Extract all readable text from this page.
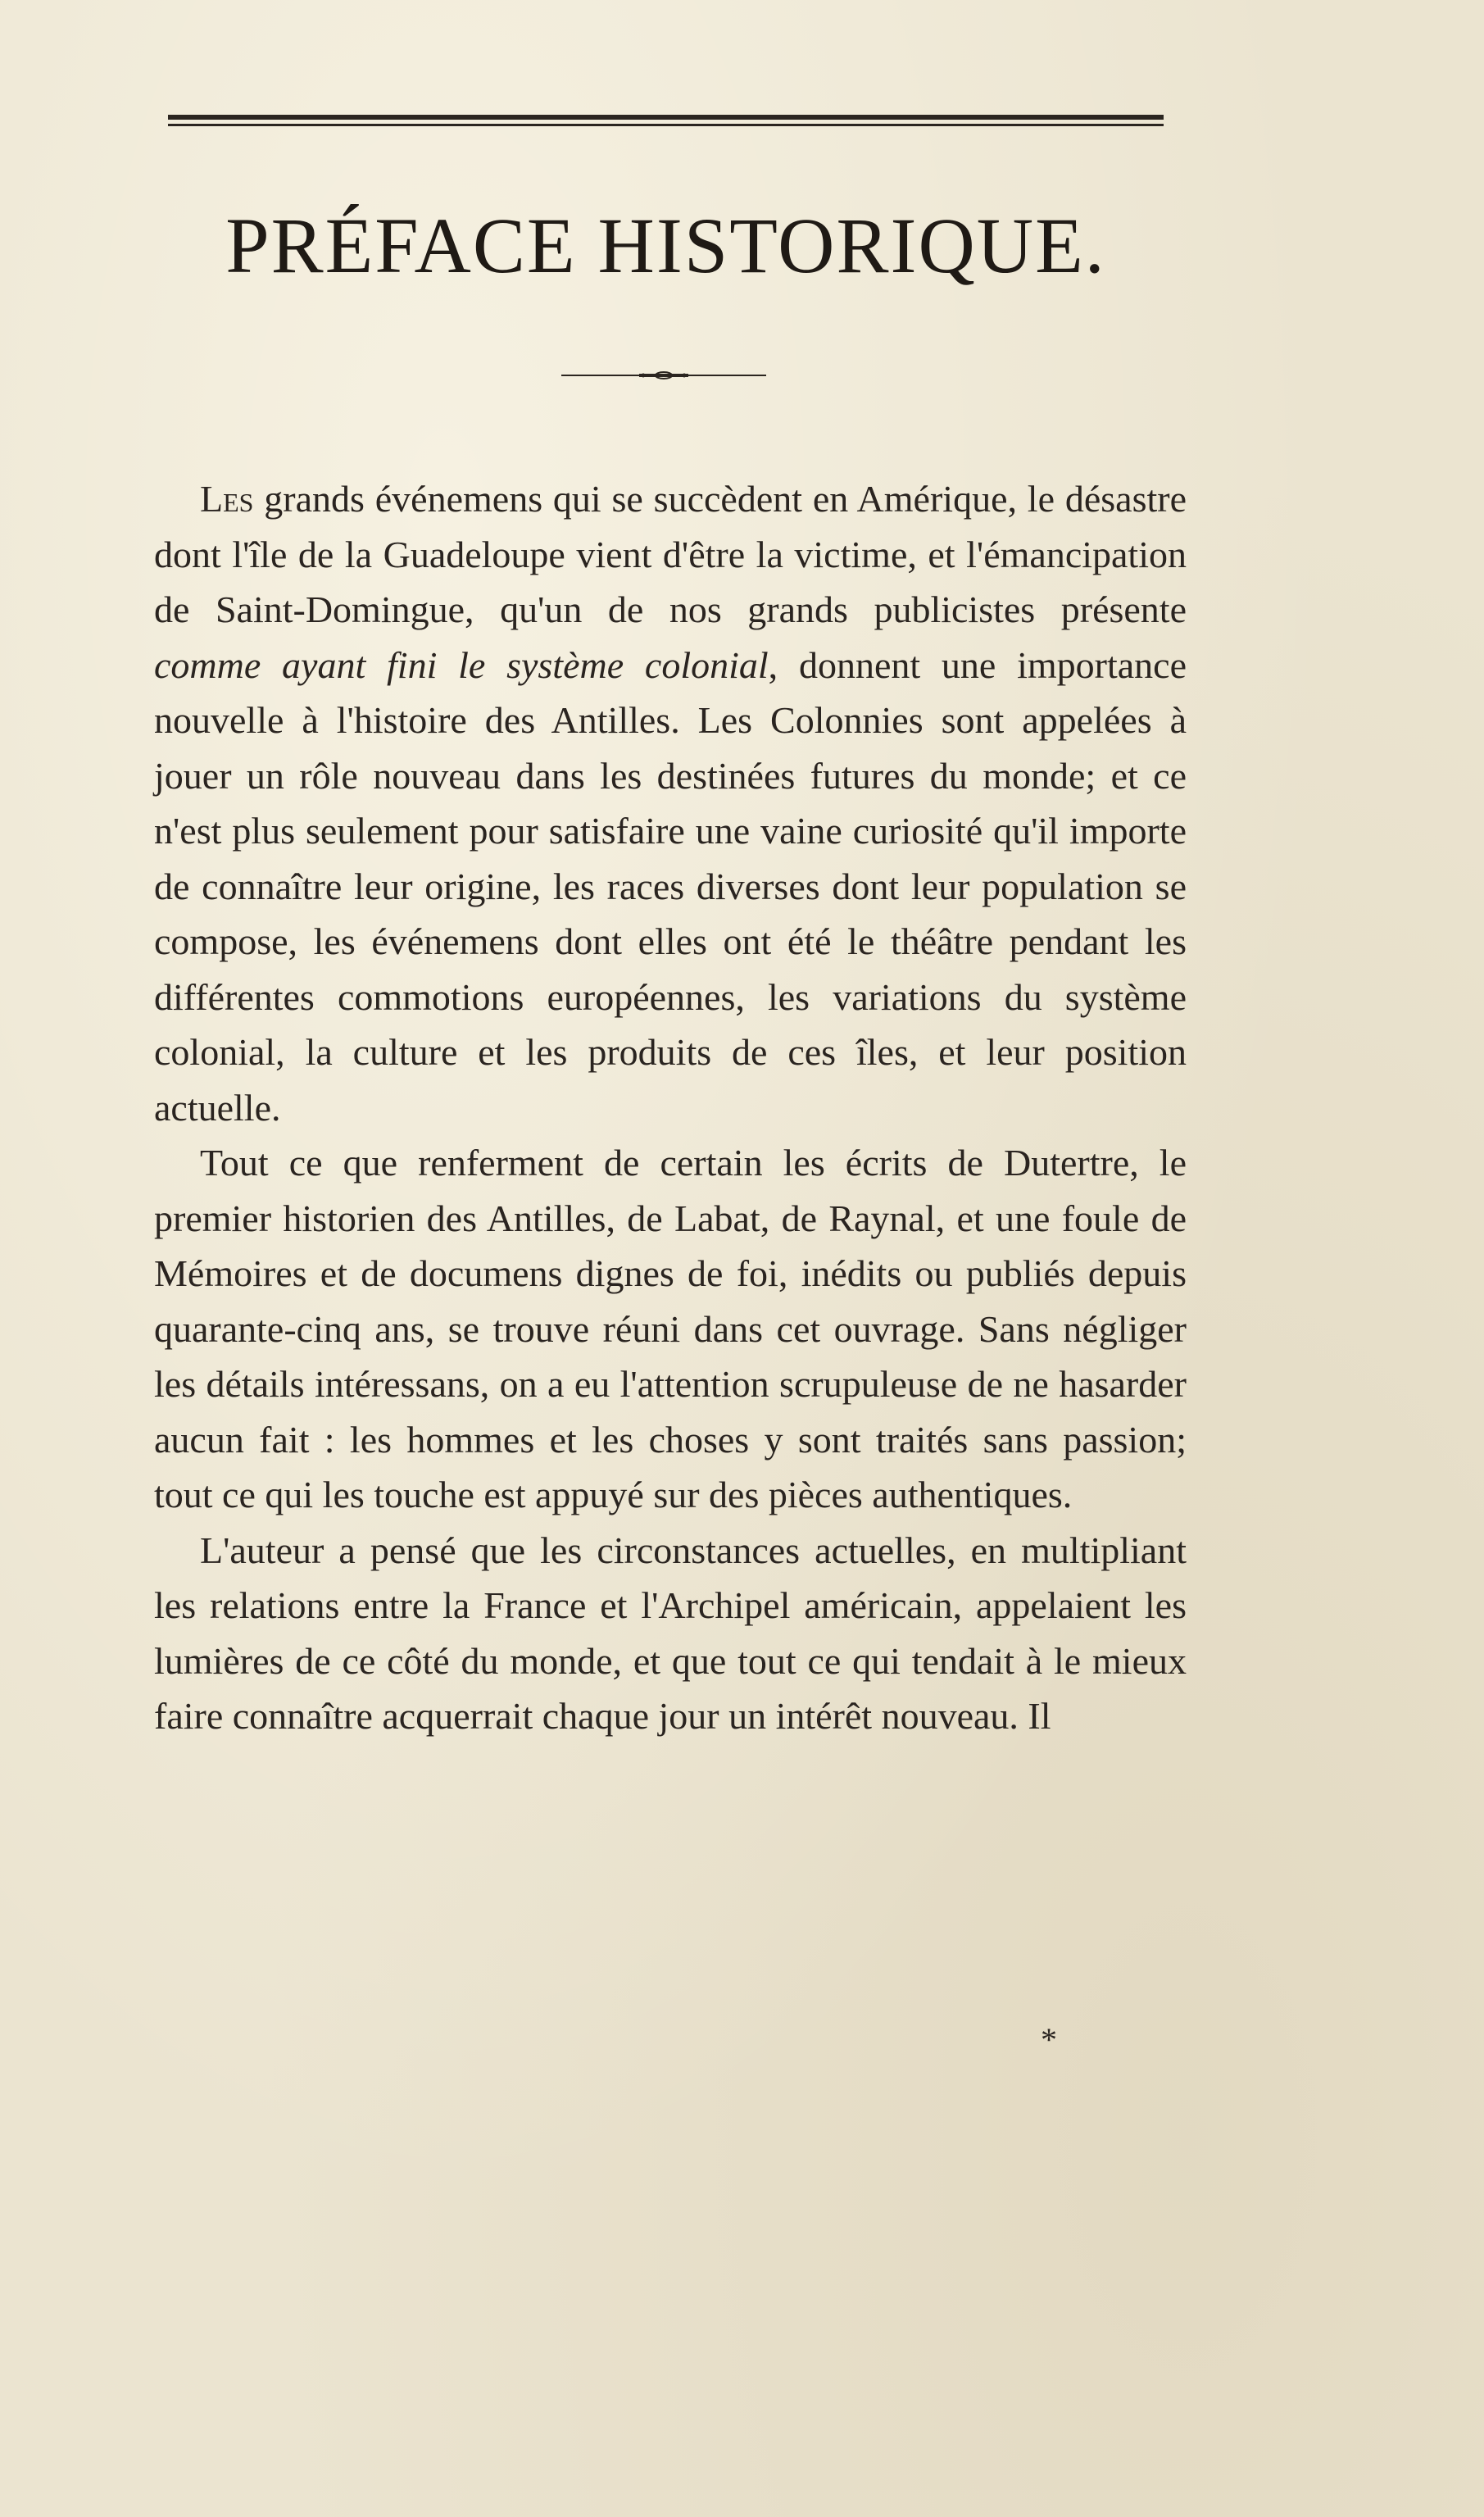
PRÉFACE HISTORIQUE.

Les grands événemens qui se succèdent en Amérique, le désastre dont l'île de la Guadeloupe vient d'être la victime, et l'émancipation de Saint-Domingue, qu'un de nos grands publicistes présente comme ayant fini le système colonial, donnent une importance nouvelle à l'histoire des Antilles. Les Colonnies sont appelées à jouer un rôle nouveau dans les destinées futures du monde; et ce n'est plus seulement pour satisfaire une vaine curiosité qu'il importe de connaître leur origine, les races diverses dont leur population se compose, les événemens dont elles ont été le théâtre pendant les différentes commotions européennes, les variations du système colonial, la culture et les produits de ces îles, et leur position actuelle.

Tout ce que renferment de certain les écrits de Dutertre, le premier historien des Antilles, de Labat, de Raynal, et une foule de Mémoires et de documens dignes de foi, inédits ou publiés depuis quarante-cinq ans, se trouve réuni dans cet ouvrage. Sans négliger les détails intéressans, on a eu l'attention scrupuleuse de ne hasarder aucun fait : les hommes et les choses y sont traités sans passion; tout ce qui les touche est appuyé sur des pièces authentiques.

L'auteur a pensé que les circonstances actuelles, en multipliant les relations entre la France et l'Archipel américain, appelaient les lumières de ce côté du monde, et que tout ce qui tendait à le mieux faire connaître acquerrait chaque jour un intérêt nouveau. Il

*
